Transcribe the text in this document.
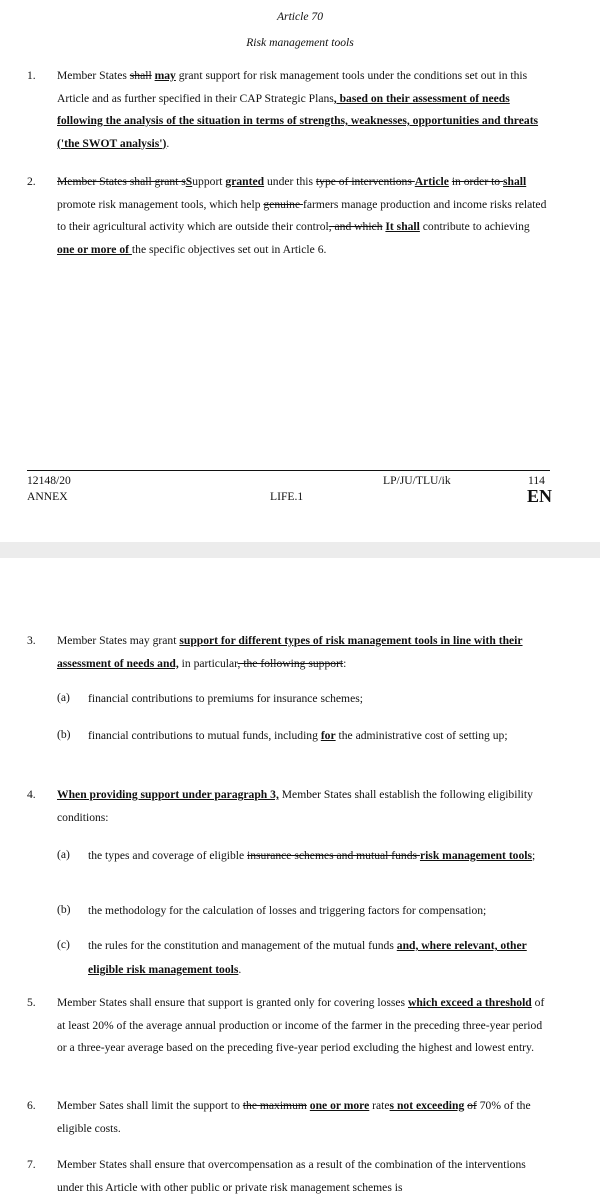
Article 70
Risk management tools
1. Member States shall may grant support for risk management tools under the conditions set out in this Article and as further specified in their CAP Strategic Plans, based on their assessment of needs following the analysis of the situation in terms of strengths, weaknesses, opportunities and threats ('the SWOT analysis').
2. Member States shall grant sSupport granted under this type of interventions Article in order to shall promote risk management tools, which help genuine farmers manage production and income risks related to their agricultural activity which are outside their control, and which It shall contribute to achieving one or more of the specific objectives set out in Article 6.
12148/20	LP/JU/TLU/ik	114
ANNEX	LIFE.1	EN
3. Member States may grant support for different types of risk management tools in line with their assessment of needs and, in particular, the following support:
(a) financial contributions to premiums for insurance schemes;
(b) financial contributions to mutual funds, including for the administrative cost of setting up;
4. When providing support under paragraph 3, Member States shall establish the following eligibility conditions:
(a) the types and coverage of eligible insurance schemes and mutual funds risk management tools;
(b) the methodology for the calculation of losses and triggering factors for compensation;
(c) the rules for the constitution and management of the mutual funds and, where relevant, other eligible risk management tools.
5. Member States shall ensure that support is granted only for covering losses which exceed a threshold of at least 20% of the average annual production or income of the farmer in the preceding three-year period or a three-year average based on the preceding five-year period excluding the highest and lowest entry.
6. Member Sates shall limit the support to the maximum one or more rates not exceeding of 70% of the eligible costs.
7. Member States shall ensure that overcompensation as a result of the combination of the interventions under this Article with other public or private risk management schemes is
